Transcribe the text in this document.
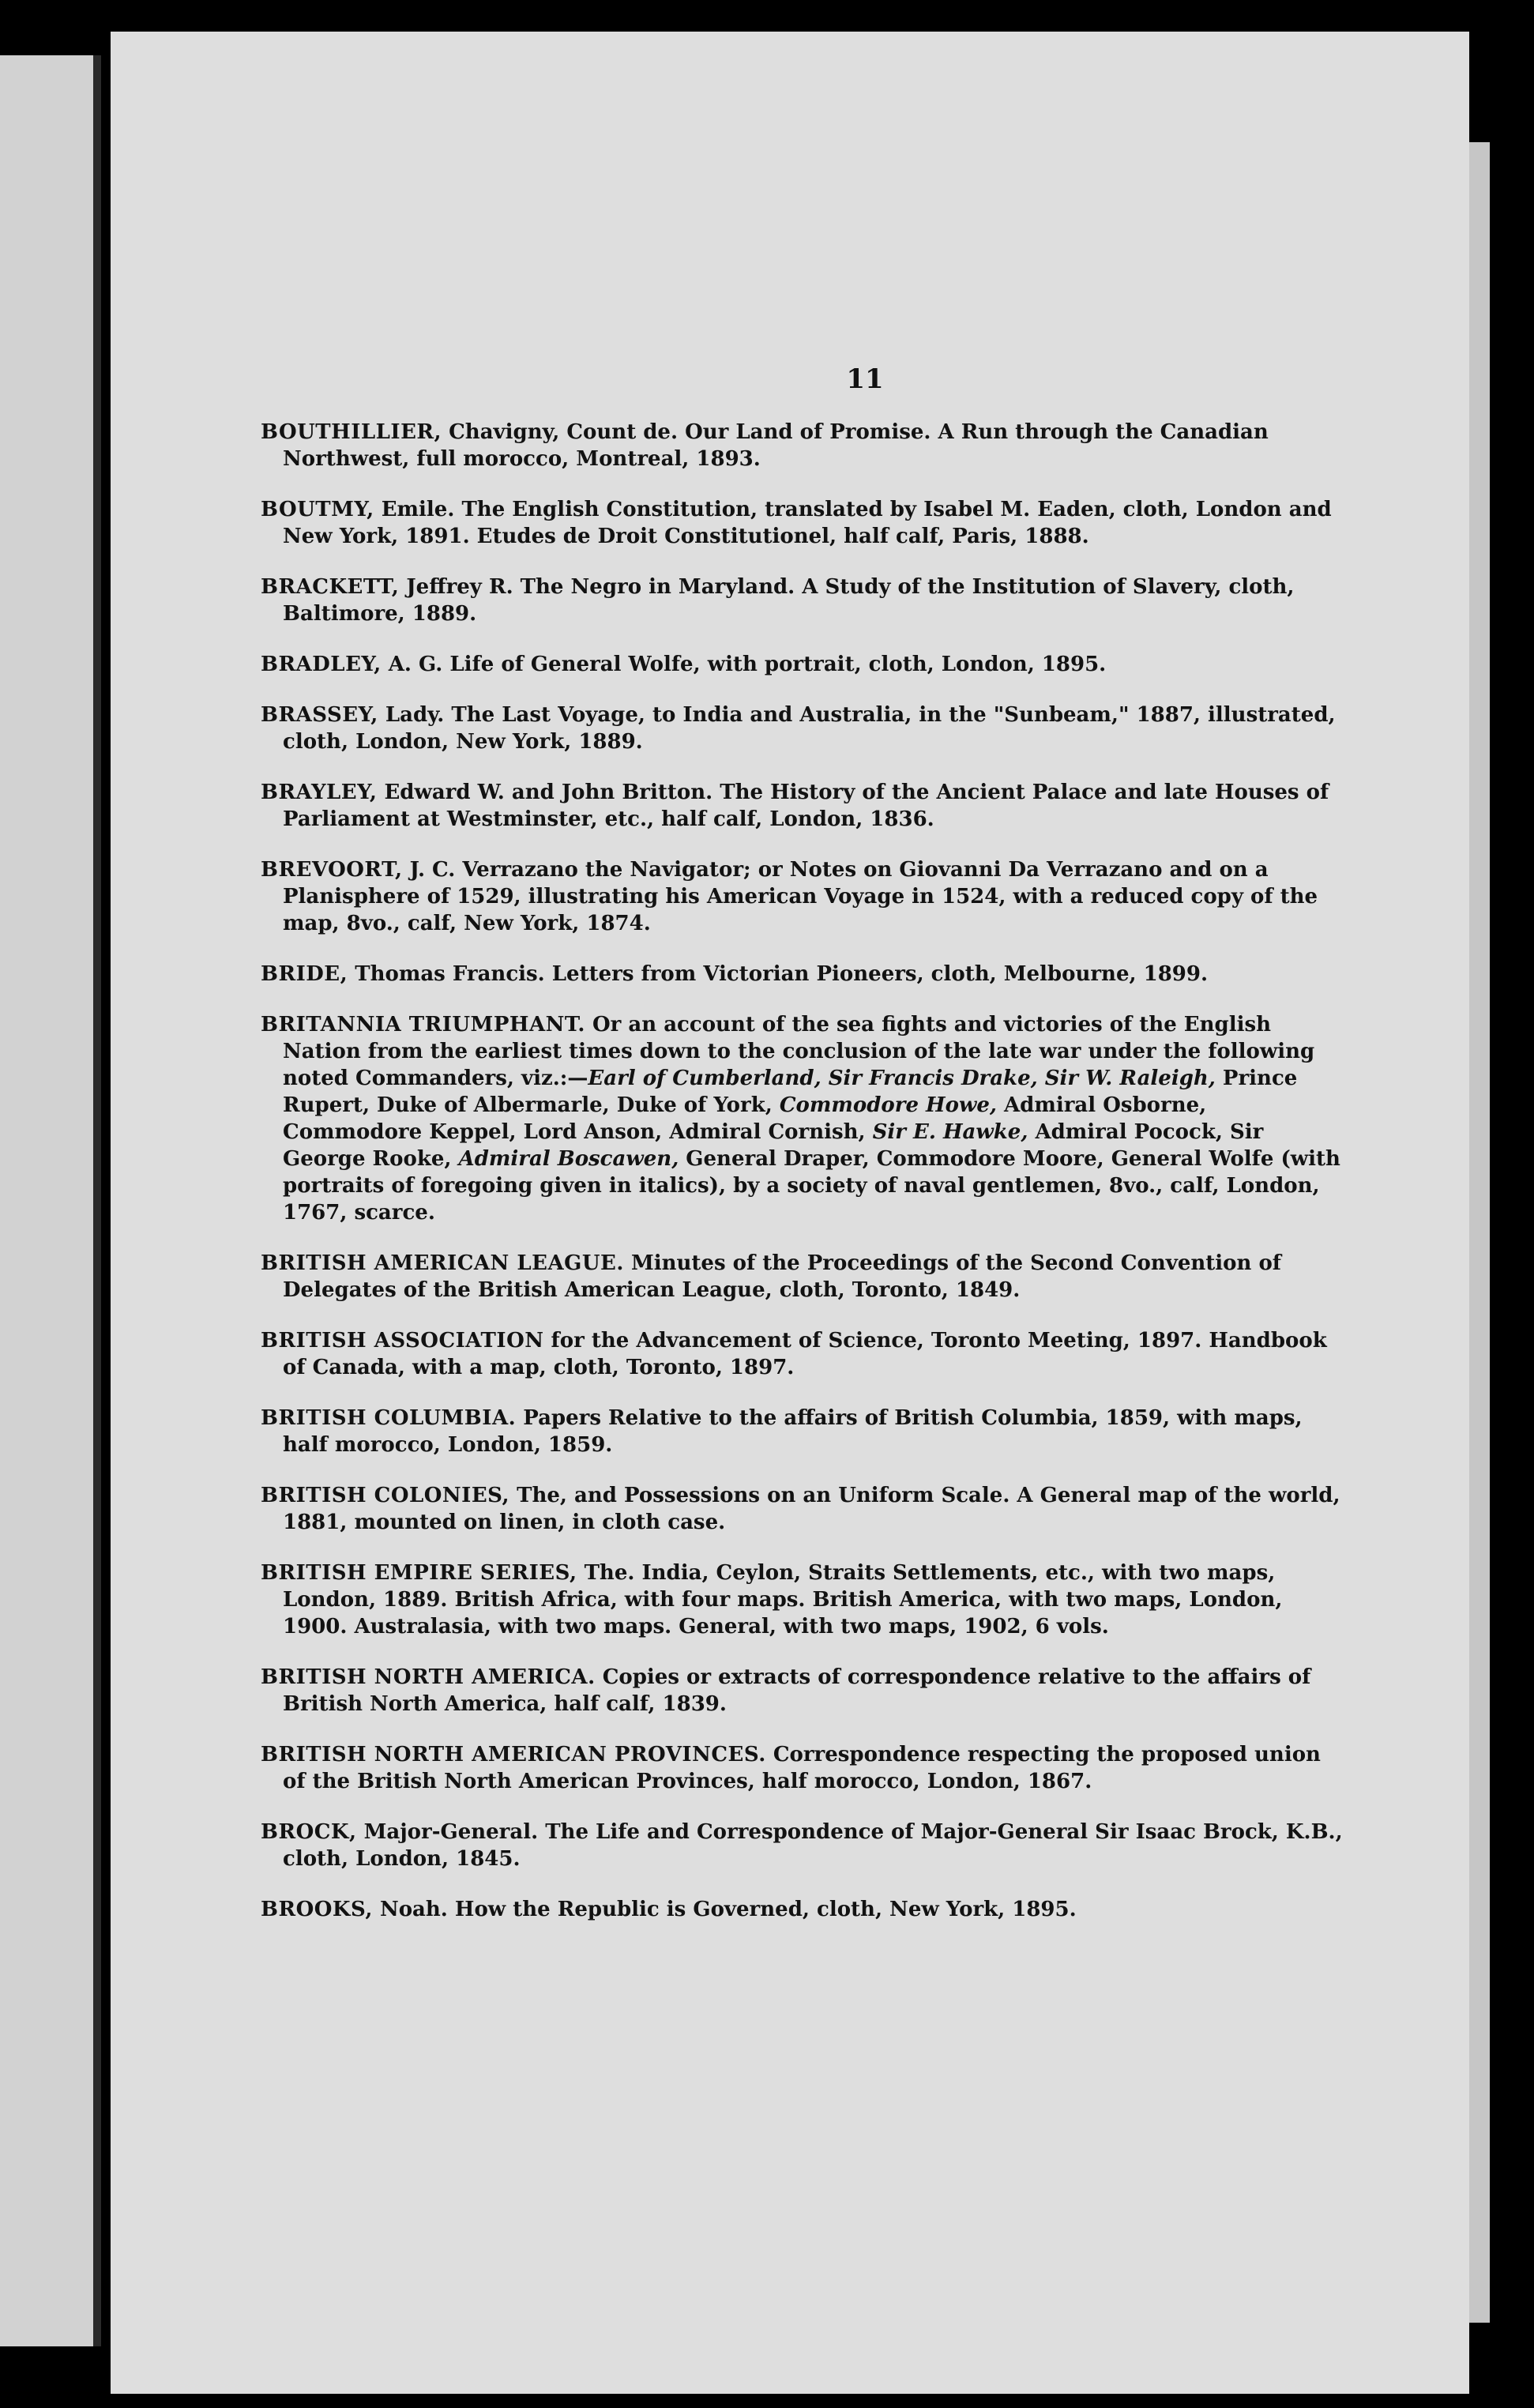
11

BOUTHILLIER, Chavigny, Count de. Our Land of Promise. A Run through the Canadian Northwest, full morocco, Montreal, 1893.

BOUTMY, Emile. The English Constitution, translated by Isabel M. Eaden, cloth, London and New York, 1891. Etudes de Droit Constitutionel, half calf, Paris, 1888.

BRACKETT, Jeffrey R. The Negro in Maryland. A Study of the Institution of Slavery, cloth, Baltimore, 1889.

BRADLEY, A. G. Life of General Wolfe, with portrait, cloth, London, 1895.

BRASSEY, Lady. The Last Voyage, to India and Australia, in the "Sunbeam," 1887, illustrated, cloth, London, New York, 1889.

BRAYLEY, Edward W. and John Britton. The History of the Ancient Palace and late Houses of Parliament at Westminster, etc., half calf, London, 1836.

BREVOORT, J. C. Verrazano the Navigator; or Notes on Giovanni Da Verrazano and on a Planisphere of 1529, illustrating his American Voyage in 1524, with a reduced copy of the map, 8vo., calf, New York, 1874.

BRIDE, Thomas Francis. Letters from Victorian Pioneers, cloth, Melbourne, 1899.

BRITANNIA TRIUMPHANT. Or an account of the sea fights and victories of the English Nation from the earliest times down to the conclusion of the late war under the following noted Commanders, viz.:—Earl of Cumberland, Sir Francis Drake, Sir W. Raleigh, Prince Rupert, Duke of Albermarle, Duke of York, Commodore Howe, Admiral Osborne, Commodore Keppel, Lord Anson, Admiral Cornish, Sir E. Hawke, Admiral Pocock, Sir George Rooke, Admiral Boscawen, General Draper, Commodore Moore, General Wolfe (with portraits of foregoing given in italics), by a society of naval gentlemen, 8vo., calf, London, 1767, scarce.

BRITISH AMERICAN LEAGUE. Minutes of the Proceedings of the Second Convention of Delegates of the British American League, cloth, Toronto, 1849.

BRITISH ASSOCIATION for the Advancement of Science, Toronto Meeting, 1897. Handbook of Canada, with a map, cloth, Toronto, 1897.

BRITISH COLUMBIA. Papers Relative to the affairs of British Columbia, 1859, with maps, half morocco, London, 1859.

BRITISH COLONIES, The, and Possessions on an Uniform Scale. A General map of the world, 1881, mounted on linen, in cloth case.

BRITISH EMPIRE SERIES, The. India, Ceylon, Straits Settlements, etc., with two maps, London, 1889. British Africa, with four maps. British America, with two maps, London, 1900. Australasia, with two maps. General, with two maps, 1902, 6 vols.

BRITISH NORTH AMERICA. Copies or extracts of correspondence relative to the affairs of British North America, half calf, 1839.

BRITISH NORTH AMERICAN PROVINCES. Correspondence respecting the proposed union of the British North American Provinces, half morocco, London, 1867.

BROCK, Major-General. The Life and Correspondence of Major-General Sir Isaac Brock, K.B., cloth, London, 1845.

BROOKS, Noah. How the Republic is Governed, cloth, New York, 1895.
